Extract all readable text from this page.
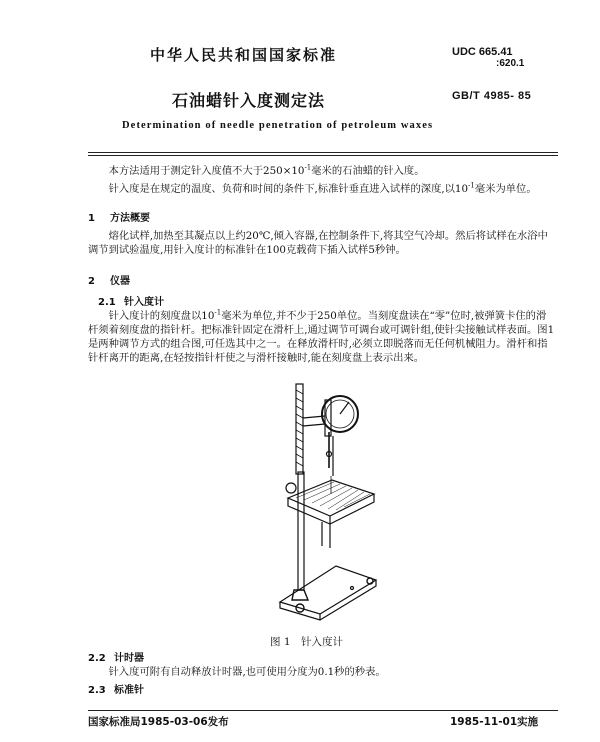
中华人民共和国国家标准	UDC 665.41
:620.1
石油蜡针入度测定法	GB/T 4985- 85
Determination of needle penetration of petroleum waxes
本方法适用于测定针入度值不大于$250\times 10^{-1}$毫米的石油蜡的针入度。
针入度是在规定的温度、负荷和时间的条件下,标准针垂直进入试样的深度,以$10^{-1}$毫米为单位。
1 方法概要
熔化试样,加热至其凝点以上约20℃,倾入容器,在控制条件下,将其空气冷却。然后将试样在水浴中调节到试验温度,用针入度计的标准针在100克载荷下插入试样5秒钟。
2 仪器
2.1 针入度计
针入度计的刻度盘以$10^{-1}$毫米为单位,并不少于250单位。当刻度盘读在“零”位时,被弹簧卡住的滑杆须着刻度盘的指针杆。把标准针固定在滑杆上,通过调节可调台或可调针组,使针尖接触试样表面。图1是两种调节方式的组合图,可任选其中之一。在释放滑杆时,必须立即脱落而无任何机械阻力。滑杆和指针杆离开的距离,在轻按指针杆使之与滑杆接触时,能在刻度盘上表示出来。
图 1　针入度计
2.2 计时器
针入度可附有自动释放计时器,也可使用分度为0.1秒的秒表。
2.3 标准针
国家标准局1985-03-06发布	1985-11-01实施
